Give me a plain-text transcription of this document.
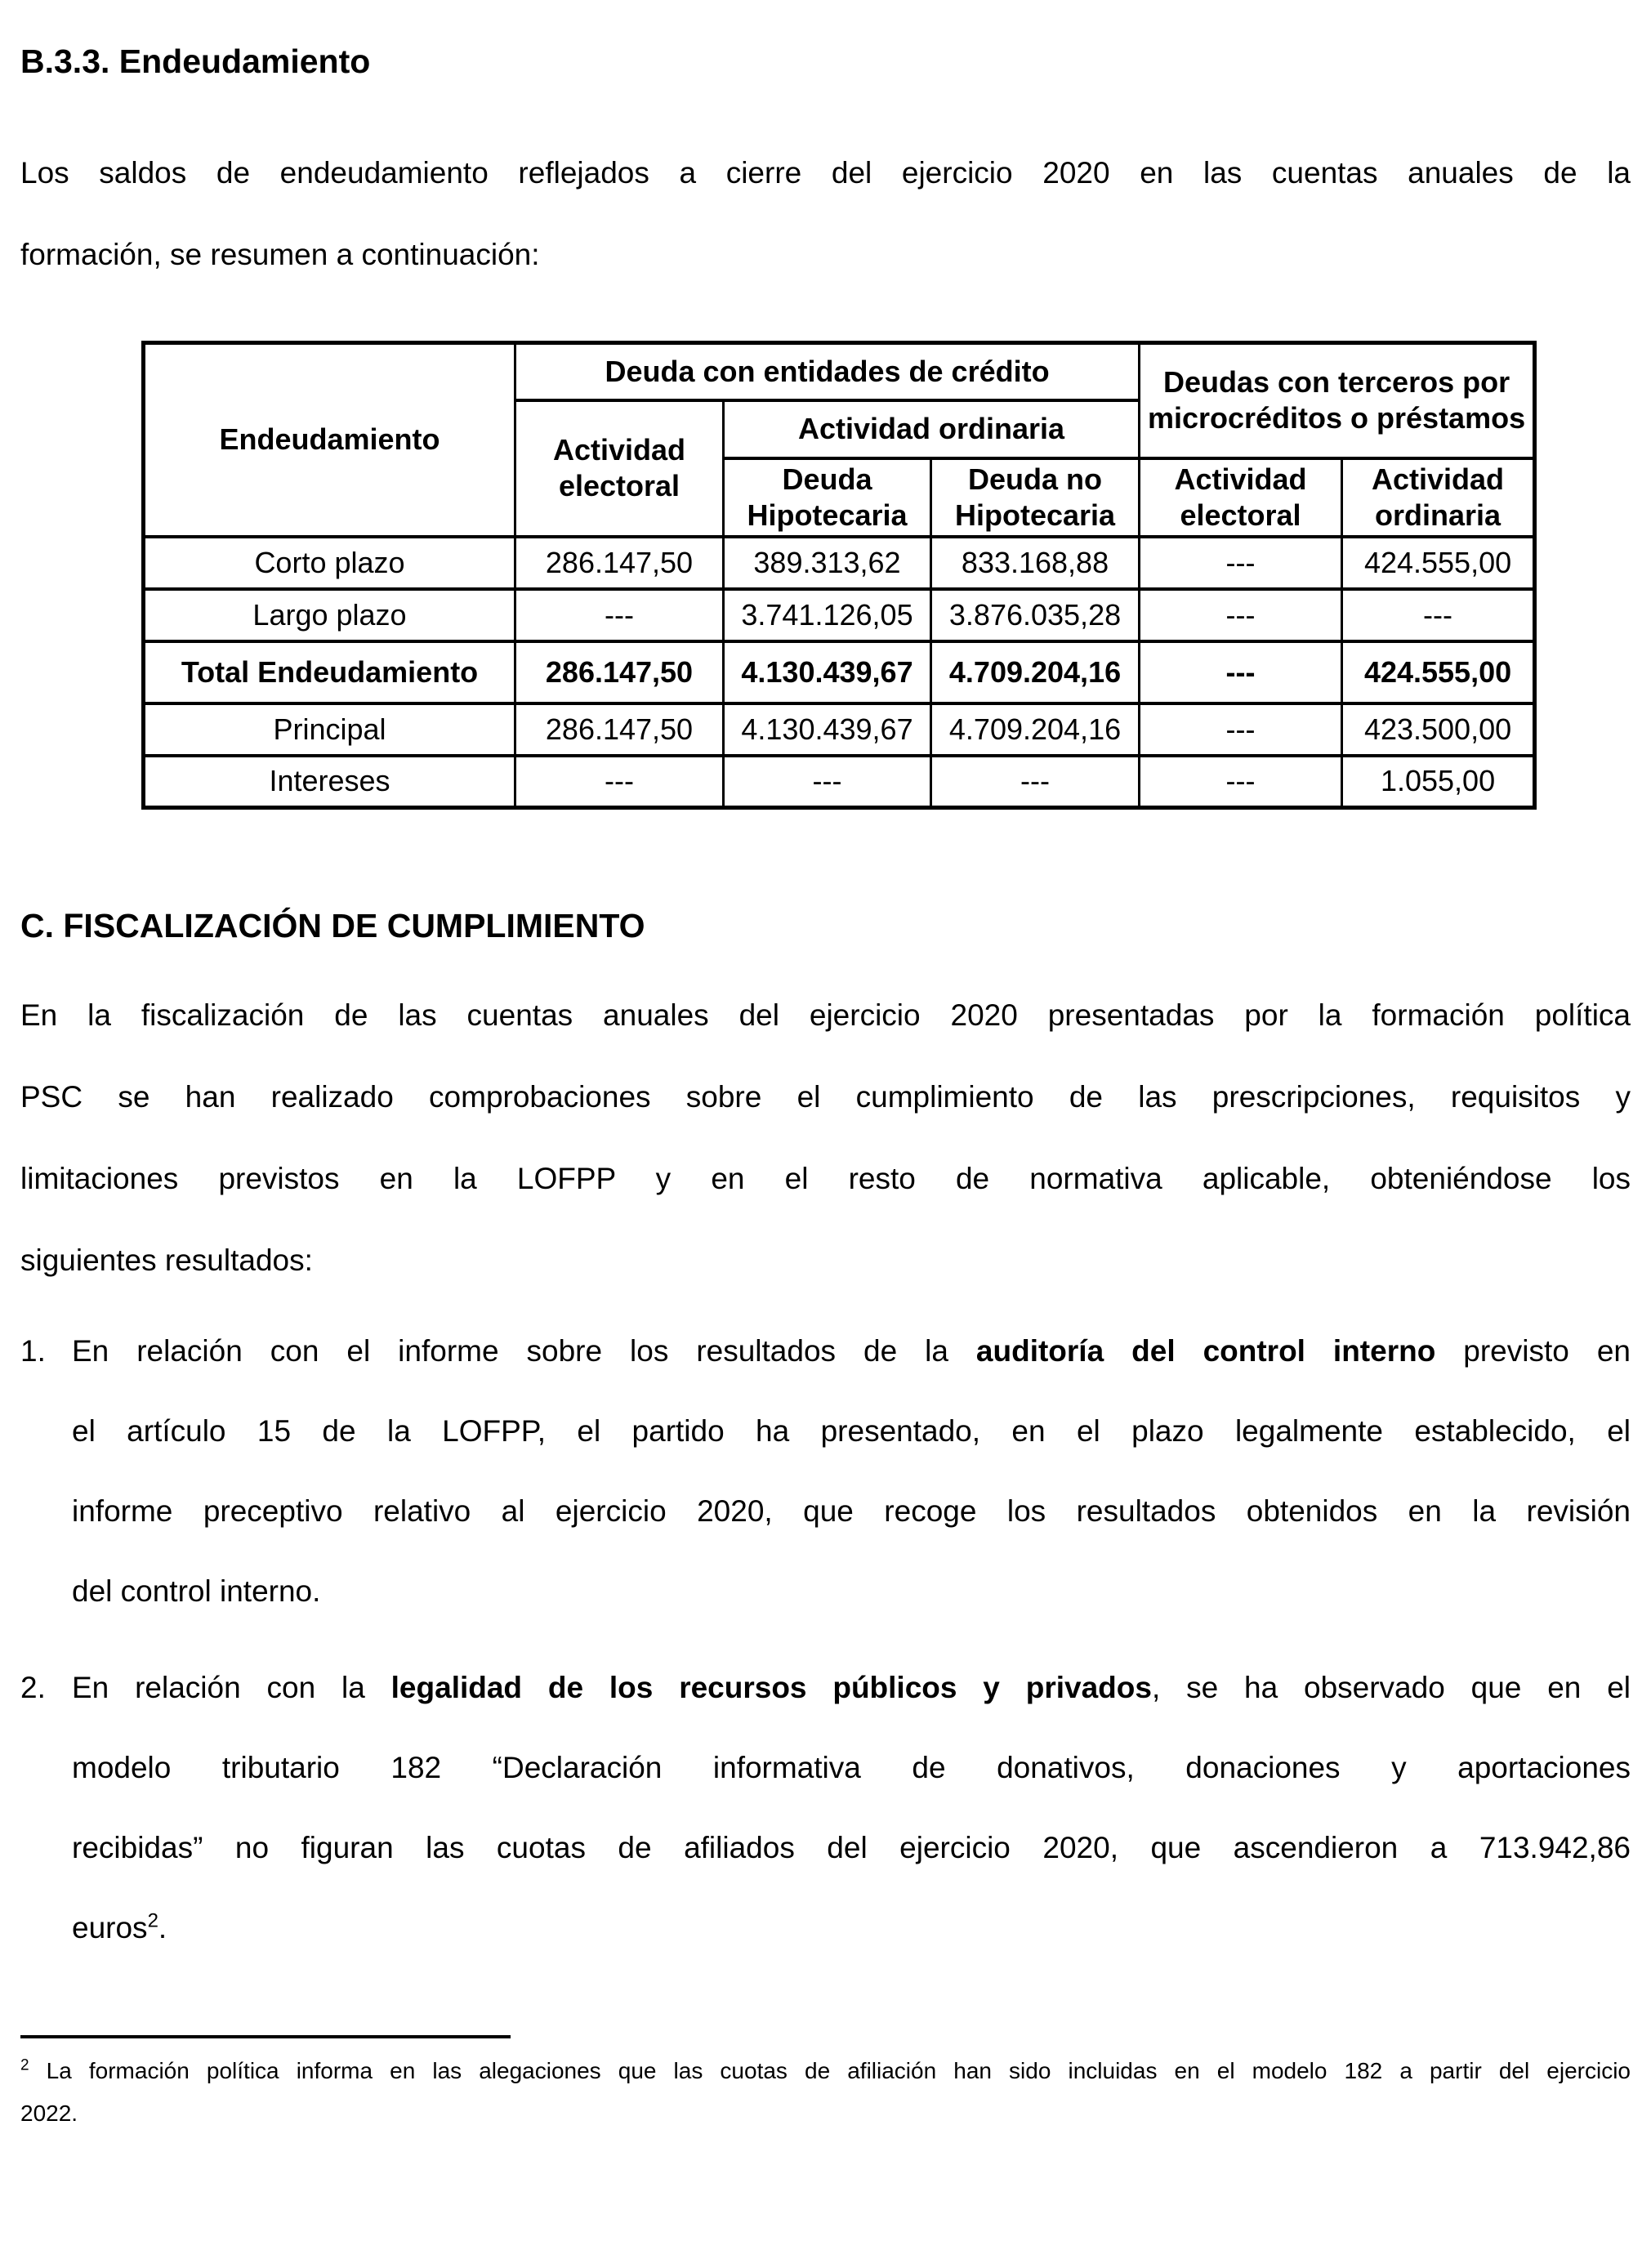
B.3.3. Endeudamiento
Los saldos de endeudamiento reflejados a cierre del ejercicio 2020 en las cuentas anuales de la
formación, se resumen a continuación:
Endeudamiento	Deuda con entidades de crédito			Deudas con terceros por microcréditos o préstamos	
	Actividad electoral	Actividad ordinaria			
		Deuda Hipotecaria	Deuda no Hipotecaria	Actividad electoral	Actividad ordinaria
Corto plazo	286.147,50	389.313,62	833.168,88	---	424.555,00
Largo plazo	---	3.741.126,05	3.876.035,28	---	---
Total Endeudamiento	286.147,50	4.130.439,67	4.709.204,16	---	424.555,00
Principal	286.147,50	4.130.439,67	4.709.204,16	---	423.500,00
Intereses	---	---	---	---	1.055,00
C. FISCALIZACIÓN DE CUMPLIMIENTO
En la fiscalización de las cuentas anuales del ejercicio 2020 presentadas por la formación política
PSC se han realizado comprobaciones sobre el cumplimiento de las prescripciones, requisitos y
limitaciones previstos en la LOFPP y en el resto de normativa aplicable, obteniéndose los
siguientes resultados:
1. En relación con el informe sobre los resultados de la auditoría del control interno previsto en
el artículo 15 de la LOFPP, el partido ha presentado, en el plazo legalmente establecido, el
informe preceptivo relativo al ejercicio 2020, que recoge los resultados obtenidos en la revisión
del control interno.
2. En relación con la legalidad de los recursos públicos y privados, se ha observado que en el
modelo tributario 182 “Declaración informativa de donativos, donaciones y aportaciones
recibidas” no figuran las cuotas de afiliados del ejercicio 2020, que ascendieron a 713.942,86
euros$^2$.
$^2$ La formación política informa en las alegaciones que las cuotas de afiliación han sido incluidas en el modelo 182 a partir del ejercicio
2022.
